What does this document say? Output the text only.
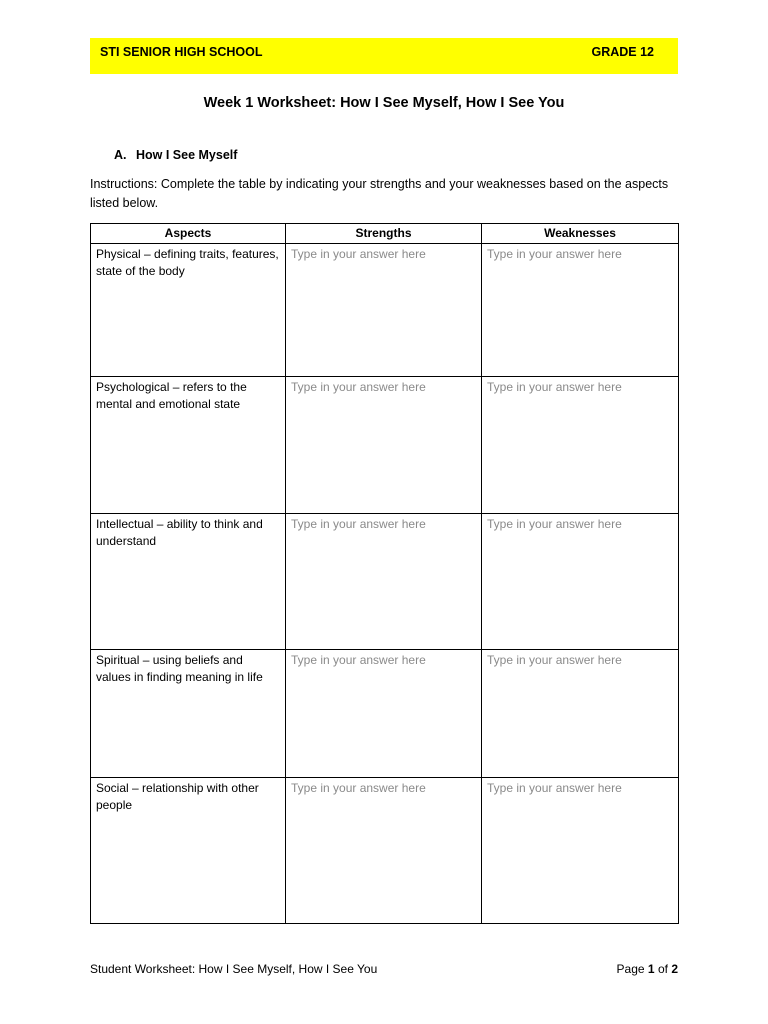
STI SENIOR HIGH SCHOOL	GRADE 12
Week 1 Worksheet: How I See Myself, How I See You
A. How I See Myself
Instructions: Complete the table by indicating your strengths and your weaknesses based on the aspects listed below.
Aspects	Strengths	Weaknesses
Physical – defining traits, features, state of the body	Type in your answer here	Type in your answer here
Psychological – refers to the mental and emotional state	Type in your answer here	Type in your answer here
Intellectual – ability to think and understand	Type in your answer here	Type in your answer here
Spiritual – using beliefs and values in finding meaning in life	Type in your answer here	Type in your answer here
Social – relationship with other people	Type in your answer here	Type in your answer here
Student Worksheet: How I See Myself, How I See You	Page 1 of 2
